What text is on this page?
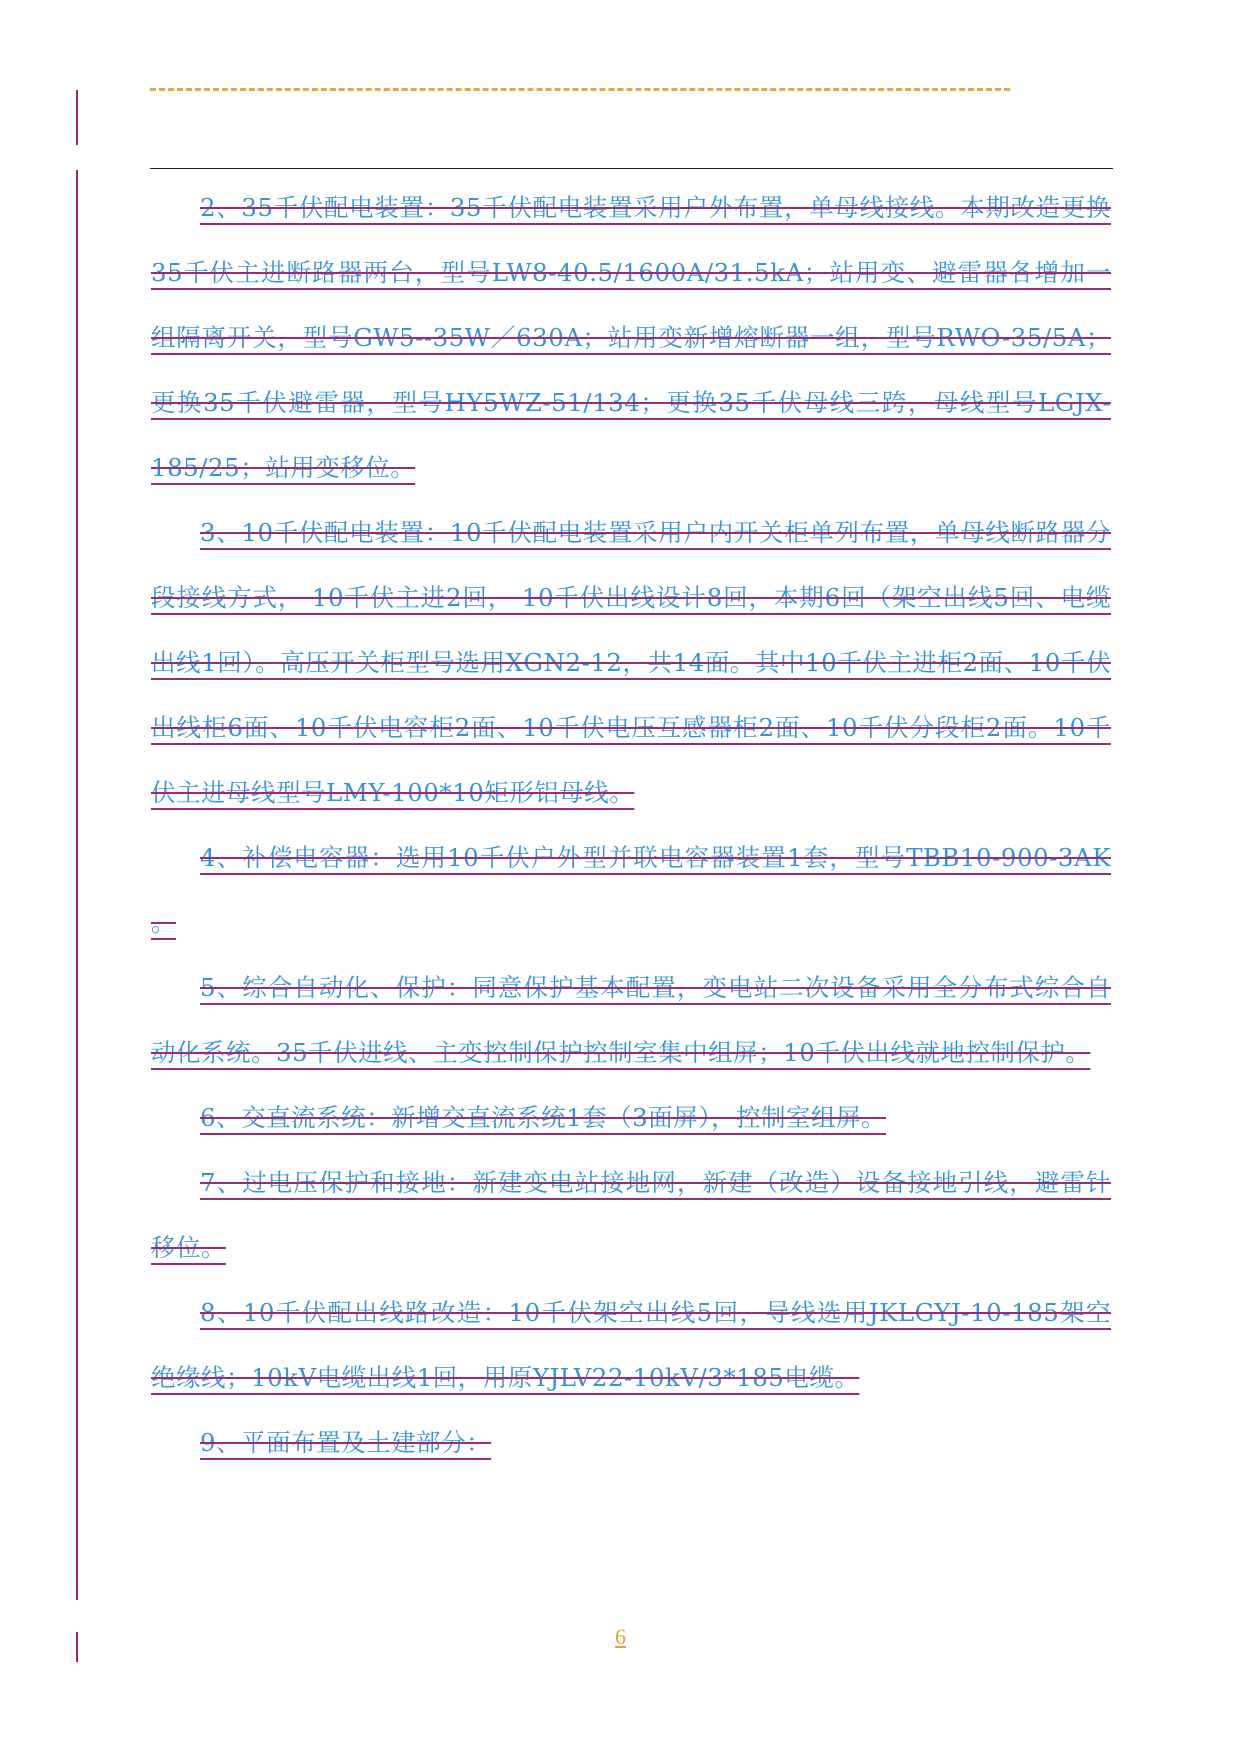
2、35千伏配电装置：35千伏配电装置采用户外布置，单母线接线。本期改造更换35千伏主进断路器两台，型号LW8-40.5/1600A/31.5kA；站用变、避雷器各增加一组隔离开关，型号GW5--35W／630A；站用变新增熔断器一组，型号RWO-35/5A；更换35千伏避雷器，型号HY5WZ-51/134；更换35千伏母线三跨，母线型号LGJX-185/25；站用变移位。

3、10千伏配电装置：10千伏配电装置采用户内开关柜单列布置，单母线断路器分段接线方式， 10千伏主进2回， 10千伏出线设计8回，本期6回（架空出线5回、电缆出线1回）。高压开关柜型号选用XGN2-12，共14面。其中10千伏主进柜2面、10千伏出线柜6面、10千伏电容柜2面、10千伏电压互感器柜2面、10千伏分段柜2面。10千伏主进母线型号LMY-100*10矩形铝母线。

4、补偿电容器：选用10千伏户外型并联电容器装置1套，型号TBB10-900-3AK 。

5、综合自动化、保护：同意保护基本配置，变电站二次设备采用全分布式综合自动化系统。35千伏进线、主变控制保护控制室集中组屏；10千伏出线就地控制保护。

6、交直流系统：新增交直流系统1套（3面屏），控制室组屏。

7、过电压保护和接地：新建变电站接地网，新建（改造）设备接地引线，避雷针移位。

8、10千伏配出线路改造：10千伏架空出线5回，导线选用JKLGYJ-10-185架空绝缘线；10kV电缆出线1回，用原YJLV22-10kV/3*185电缆。

9、平面布置及土建部分：

6
